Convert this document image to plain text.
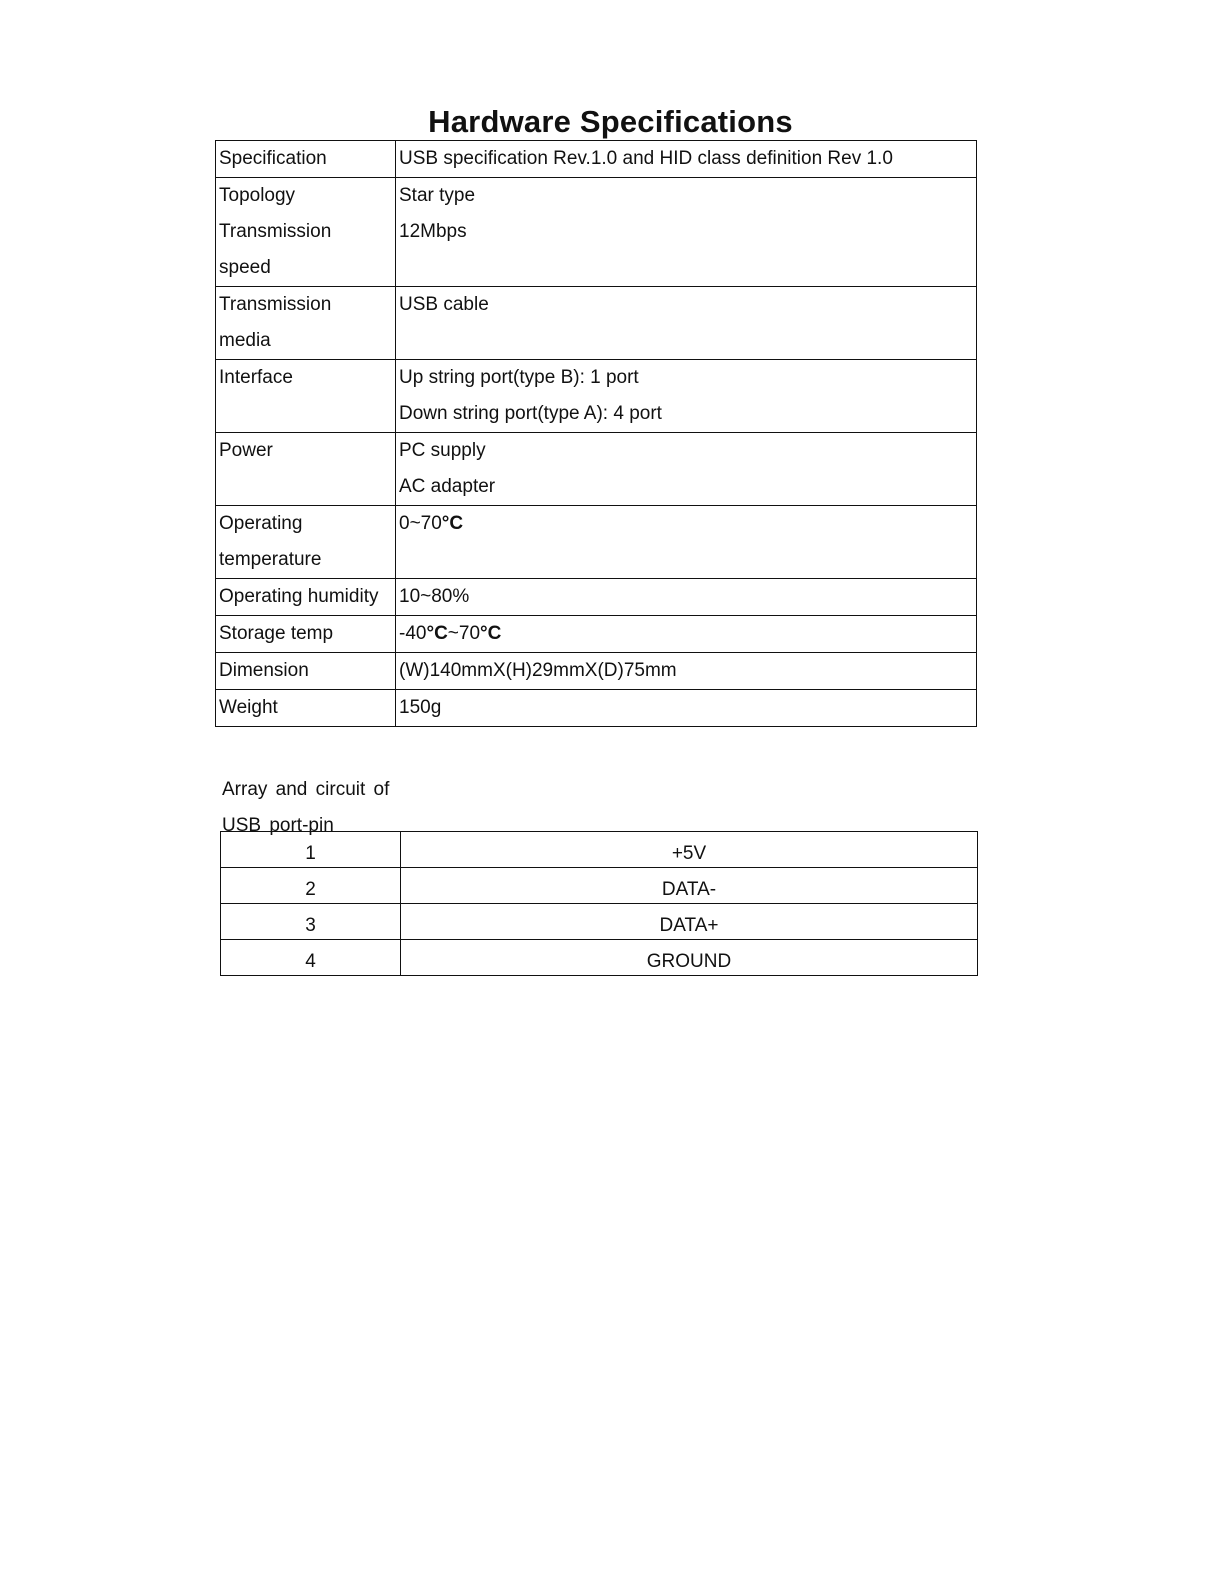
Hardware Specifications
Specification	USB specification Rev.1.0 and HID class definition Rev 1.0

Topology
Transmission
speed	Star type
12Mbps

Transmission
media	USB cable

Interface	Up string port(type B): 1 port
Down string port(type A): 4 port

Power	PC supply
AC adapter

Operating
temperature	0~70°C

Operating humidity	10~80%

Storage temp	-40°C~70°C

Dimension	(W)140mmX(H)29mmX(D)75mm

Weight	150g
Array and circuit of
USB port-pin
1	+5V
2	DATA-
3	DATA+
4	GROUND
